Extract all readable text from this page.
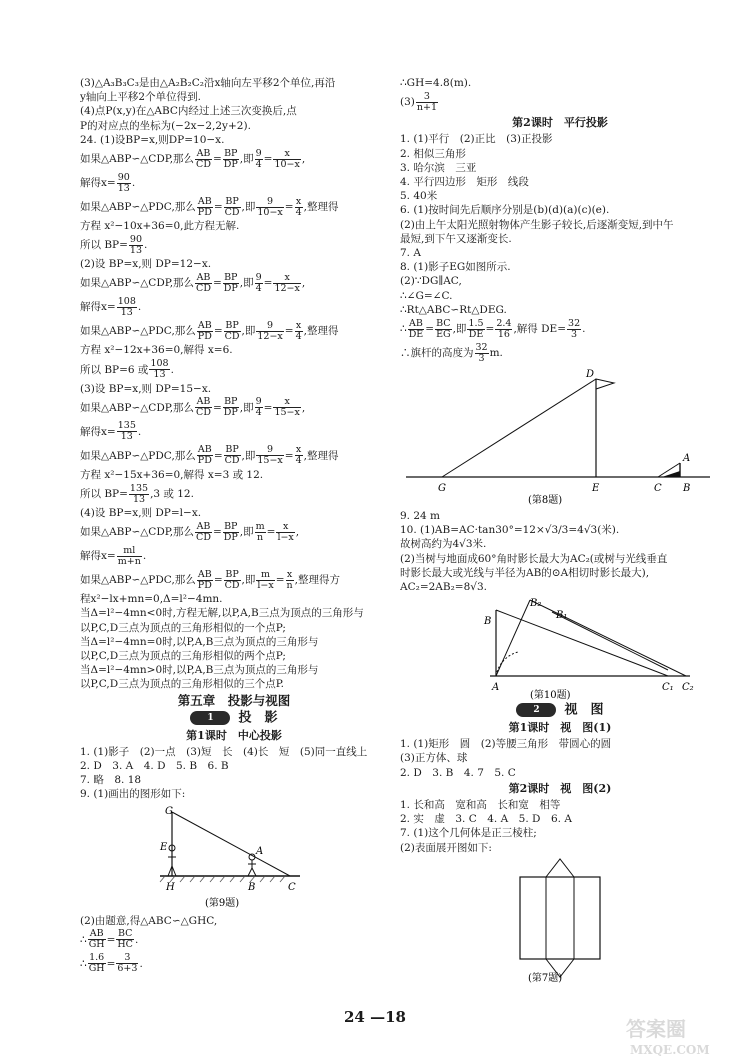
(3)△A₃B₃C₃是由△A₂B₂C₂沿x轴向左平移2个单位,再沿
y轴向上平移2个单位得到.
(4)点P(x,y)在△ABC内经过上述三次变换后,点
P的对应点的坐标为(−2x−2,2y+2).
24. (1)设BP=x,则DP=10−x.
如果△ABP∽△CDP,那么 $\frac{AB}{CD} = \frac{BP}{DP}$ ,即 $\frac{9}{4} = \frac{x}{10-x}$ ,
解得$x= \frac{90}{13}$ .
如果△ABP∽△PDC,那么 $\frac{AB}{PD} = \frac{BP}{CD}$ ,即 $\frac{9}{10-x} = \frac{x}{4}$ ,整理得
方程 x²−10x+36=0,此方程无解.
所以 $BP= \frac{90}{13}$ .
(2)设 BP=x,则 DP=12−x.
如果△ABP∽△CDP,那么 $\frac{AB}{CD} = \frac{BP}{DP}$ ,即 $\frac{9}{4} = \frac{x}{12-x}$ ,
解得$x= \frac{108}{13}$ .
如果△ABP∽△PDC,那么 $\frac{AB}{PD} = \frac{BP}{CD}$ ,即 $\frac{9}{12-x} = \frac{x}{4}$ ,整理得
方程 x²−12x+36=0,解得 x=6.
所以 BP=6 或 $\frac{108}{13}$ .
(3)设 BP=x,则 DP=15−x.
如果△ABP∽△CDP,那么 $\frac{AB}{CD} = \frac{BP}{DP}$ ,即 $\frac{9}{4} = \frac{x}{15-x}$ ,
解得$x= \frac{135}{13}$ .
如果△ABP∽△PDC,那么 $\frac{AB}{PD} = \frac{BP}{CD}$ ,即 $\frac{9}{15-x} = \frac{x}{4}$ ,整理得
方程 x²−15x+36=0,解得 x=3 或 12.
所以 $BP= \frac{135}{13} ,3$ 或 12.
(4)设 BP=x,则 DP=l−x.
如果△ABP∽△CDP,那么 $\frac{AB}{CD} = \frac{BP}{DP}$ ,即 $\frac{m}{n} = \frac{x}{l-x}$ ,
解得$x= \frac{ml}{m+n}$ .
如果△ABP∽△PDC,那么 $\frac{AB}{PD} = \frac{BP}{CD}$ ,即 $\frac{m}{l-x} = \frac{x}{n}$ ,整理得方
程x²−lx+mn=0,Δ=l²−4mn.
当Δ=l²−4mn<0时,方程无解,以P,A,B三点为顶点的三角形与
以P,C,D三点为顶点的三角形相似的一个点P;
当Δ=l²−4mn=0时,以P,A,B三点为顶点的三角形与
以P,C,D三点为顶点的三角形相似的两个点P;
当Δ=l²−4mn>0时,以P,A,B三点为顶点的三角形与
以P,C,D三点为顶点的三角形相似的三个点P.
第五章　投影与视图
1 投　影
第1课时　中心投影
1. (1)影子　(2)一点　(3)短　长　(4)长　短　(5)同一直线上
2. D　3. A　4. D　5. B　6. B
7. 略　8. 18
9. (1)画出的图形如下:
G
E
H
A
B	C
(第9题)
(2)由题意,得△ABC∽△GHC,
∴ $\frac{AB}{GH} = \frac{BC}{HC}$ .
∴ $\frac{1.6}{GH} = \frac{3}{6+3}$ .
∴GH=4.8(m).
$(3) \frac{3}{n+1}$
第2课时　平行投影
1. (1)平行　(2)正比　(3)正投影
2. 相似三角形
3. 哈尔滨　三亚
4. 平行四边形　矩形　线段
5. 40米
6. (1)按时间先后顺序分别是(b)(d)(a)(c)(e).
(2)由上午太阳光照射物体产生影子较长,后逐渐变短,到中午
最短,到下午又逐渐变长.
7. A
8. (1)影子EG如图所示.
(2)∵DG∥AC,
∴∠G=∠C.
∴Rt△ABC∽Rt△DEG.
∴ $\frac{AB}{DE} = \frac{BC}{EG}$ ,即 $\frac{1.5}{DE} = \frac{2.4}{16}$ ,解得 $DE= \frac{32}{3}$ .
∴旗杆的高度为 $\frac{32}{3} m$.
D
E
G
A
C B
(第8题)
9. 24 m
10. (1)AB=AC·tan30°=12×√3/3=4√3(米).
故树高约为4√3米.
(2)当树与地面成60°角时影长最大为AC₂(或树与光线垂直
时影长最大或光线与半径为AB的⊙A相切时影长最大),
AC₂=2AB₂=8√3.
B
A
B₂
B₁
C₁ C₂
(第10题)
2 视　图
第1课时　视　图(1)
1. (1)矩形　圆　(2)等腰三角形　带圆心的圆
(3)正方体、球
2. D　3. B　4. 7　5. C
第2课时　视　图(2)
1. 长和高　宽和高　长和宽　相等
2. 实　虚　3. C　4. A　5. D　6. A
7. (1)这个几何体是正三棱柱;
(2)表面展开图如下:
(第7题)
24 —18	答案圈
MXQE.COM
